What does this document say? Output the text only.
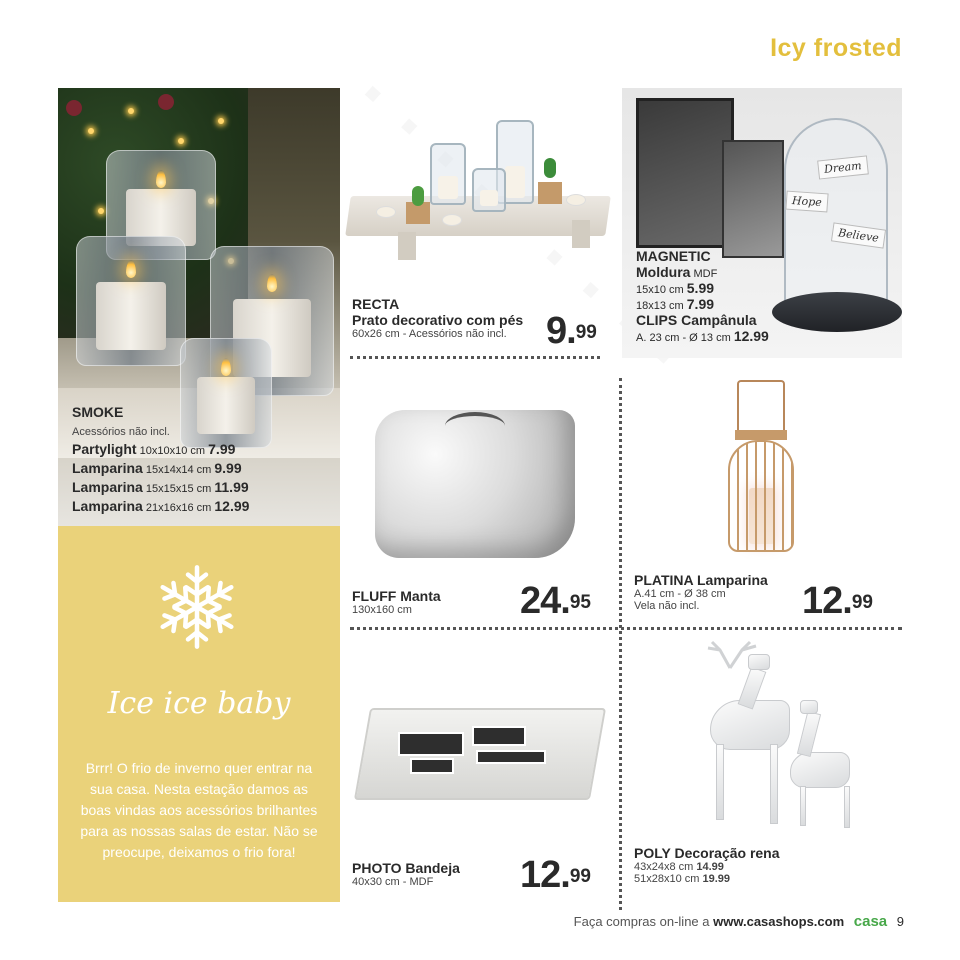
Icy frosted
SMOKE
Acessórios não incl.
Partylight 10x10x10 cm 7.99
Lamparina 15x14x14 cm 9.99
Lamparina 15x15x15 cm 11.99
Lamparina 21x16x16 cm 12.99
Ice ice baby
Brrr! O frio de inverno quer entrar na sua casa. Nesta estação damos as boas vindas aos acessórios brilhantes para as nossas salas de estar. Não se preocupe, deixamos o frio fora!
RECTA
Prato decorativo com pés
60x26 cm - Acessórios não incl.	9.99
Dream
Hope
Believe
MAGNETIC
Moldura MDF
15x10 cm 5.99
18x13 cm 7.99
CLIPS Campânula
A. 23 cm - Ø 13 cm 12.99
FLUFF Manta
130x160 cm	24.95
PLATINA Lamparina
A.41 cm - Ø 38 cm
Vela não incl.	12.99
PHOTO Bandeja
40x30 cm - MDF	12.99
POLY Decoração rena
43x24x8 cm 14.99
51x28x10 cm 19.99
Faça compras on-line a www.casashops.com casa 9
